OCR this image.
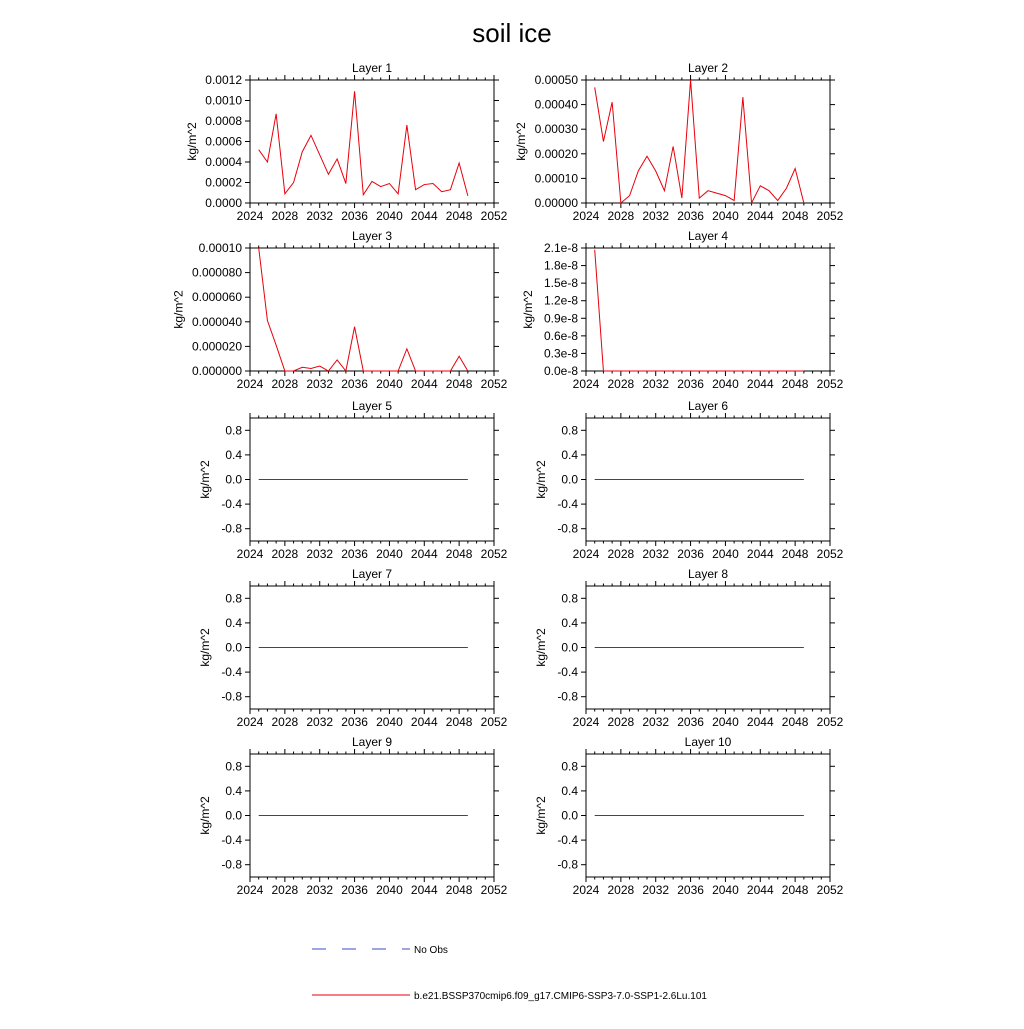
soil ice
2024 2028 2032 2036 2040 2044 2048 2052
0.0000
0.0002
0.0004
0.0006
0.0008
0.0010
0.0012
Layer 1
kg/m^2
2024 2028 2032 2036 2040 2044 2048 2052
0.00000
0.00010
0.00020
0.00030
0.00040
0.00050
Layer 2
kg/m^2
2024 2028 2032 2036 2040 2044 2048 2052
0.000000
0.000020
0.000040
0.000060
0.000080
0.00010
Layer 3
kg/m^2
2024 2028 2032 2036 2040 2044 2048 2052
0.0e-8
0.3e-8
0.6e-8
0.9e-8
1.2e-8
1.5e-8
1.8e-8
2.1e-8
Layer 4
kg/m^2
2024 2028 2032 2036 2040 2044 2048 2052
-0.8
-0.4
0.0
0.4
0.8
Layer 5
kg/m^2
2024 2028 2032 2036 2040 2044 2048 2052
-0.8
-0.4
0.0
0.4
0.8
Layer 6
kg/m^2
2024 2028 2032 2036 2040 2044 2048 2052
-0.8
-0.4
0.0
0.4
0.8
Layer 7
kg/m^2
2024 2028 2032 2036 2040 2044 2048 2052
-0.8
-0.4
0.0
0.4
0.8
Layer 8
kg/m^2
2024 2028 2032 2036 2040 2044 2048 2052
-0.8
-0.4
0.0
0.4
0.8
Layer 9
kg/m^2
2024 2028 2032 2036 2040 2044 2048 2052
-0.8
-0.4
0.0
0.4
0.8
Layer 10
kg/m^2
No Obs
b.e21.BSSP370cmip6.f09_g17.CMIP6-SSP3-7.0-SSP1-2.6Lu.101
